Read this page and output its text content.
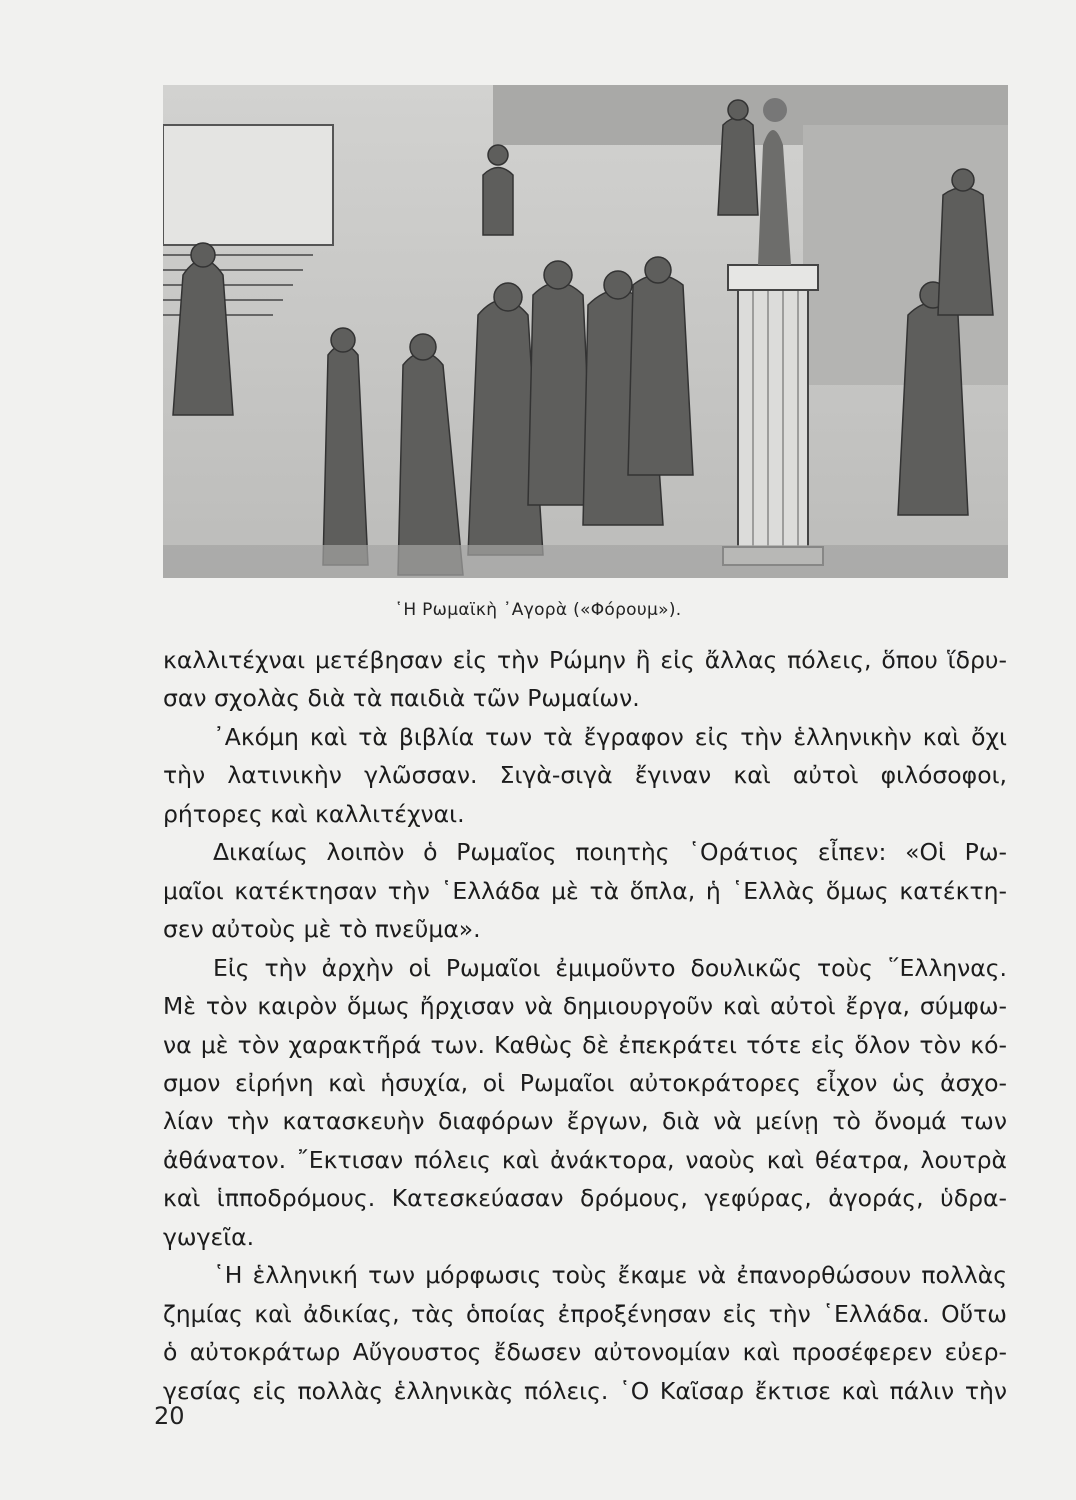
῾Η Ρωμαϊκὴ ᾿Αγορὰ («Φόρουμ»).
καλλιτέχναι μετέβησαν εἰς τὴν Ρώμην ἢ εἰς ἄλλας πόλεις, ὅπου ἵδρυ-
σαν σχολὰς διὰ τὰ παιδιὰ τῶν Ρωμαίων.
᾿Ακόμη καὶ τὰ βιβλία των τὰ ἔγραφον εἰς τὴν ἑλληνικὴν καὶ ὄχι
τὴν λατινικὴν γλῶσσαν. Σιγὰ-σιγὰ ἔγιναν καὶ αὐτοὶ φιλόσοφοι,
ρήτορες καὶ καλλιτέχναι.
Δικαίως λοιπὸν ὁ Ρωμαῖος ποιητὴς ῾Οράτιος εἶπεν: «Οἱ Ρω-
μαῖοι κατέκτησαν τὴν ῾Ελλάδα μὲ τὰ ὅπλα, ἡ ῾Ελλὰς ὅμως κατέκτη-
σεν αὐτοὺς μὲ τὸ πνεῦμα».
Εἰς τὴν ἀρχὴν οἱ Ρωμαῖοι ἐμιμοῦντο δουλικῶς τοὺς ῞Ελληνας.
Μὲ τὸν καιρὸν ὅμως ἤρχισαν νὰ δημιουργοῦν καὶ αὐτοὶ ἔργα, σύμφω-
να μὲ τὸν χαρακτῆρά των. Καθὼς δὲ ἐπεκράτει τότε εἰς ὅλον τὸν κό-
σμον εἰρήνη καὶ ἡσυχία, οἱ Ρωμαῖοι αὐτοκράτορες εἶχον ὡς ἀσχο-
λίαν τὴν κατασκευὴν διαφόρων ἔργων, διὰ νὰ μείνῃ τὸ ὄνομά των
ἀθάνατον. ῎Εκτισαν πόλεις καὶ ἀνάκτορα, ναοὺς καὶ θέατρα, λουτρὰ
καὶ ἱπποδρόμους. Κατεσκεύασαν δρόμους, γεφύρας, ἀγοράς, ὑδρα-
γωγεῖα.
῾Η ἑλληνική των μόρφωσις τοὺς ἔκαμε νὰ ἐπανορθώσουν πολλὰς
ζημίας καὶ ἀδικίας, τὰς ὁποίας ἐπροξένησαν εἰς τὴν ῾Ελλάδα. Οὕτω
ὁ αὐτοκράτωρ Αὔγουστος ἔδωσεν αὐτονομίαν καὶ προσέφερεν εὐερ-
γεσίας εἰς πολλὰς ἑλληνικὰς πόλεις. ῾Ο Καῖσαρ ἔκτισε καὶ πάλιν τὴν
20
